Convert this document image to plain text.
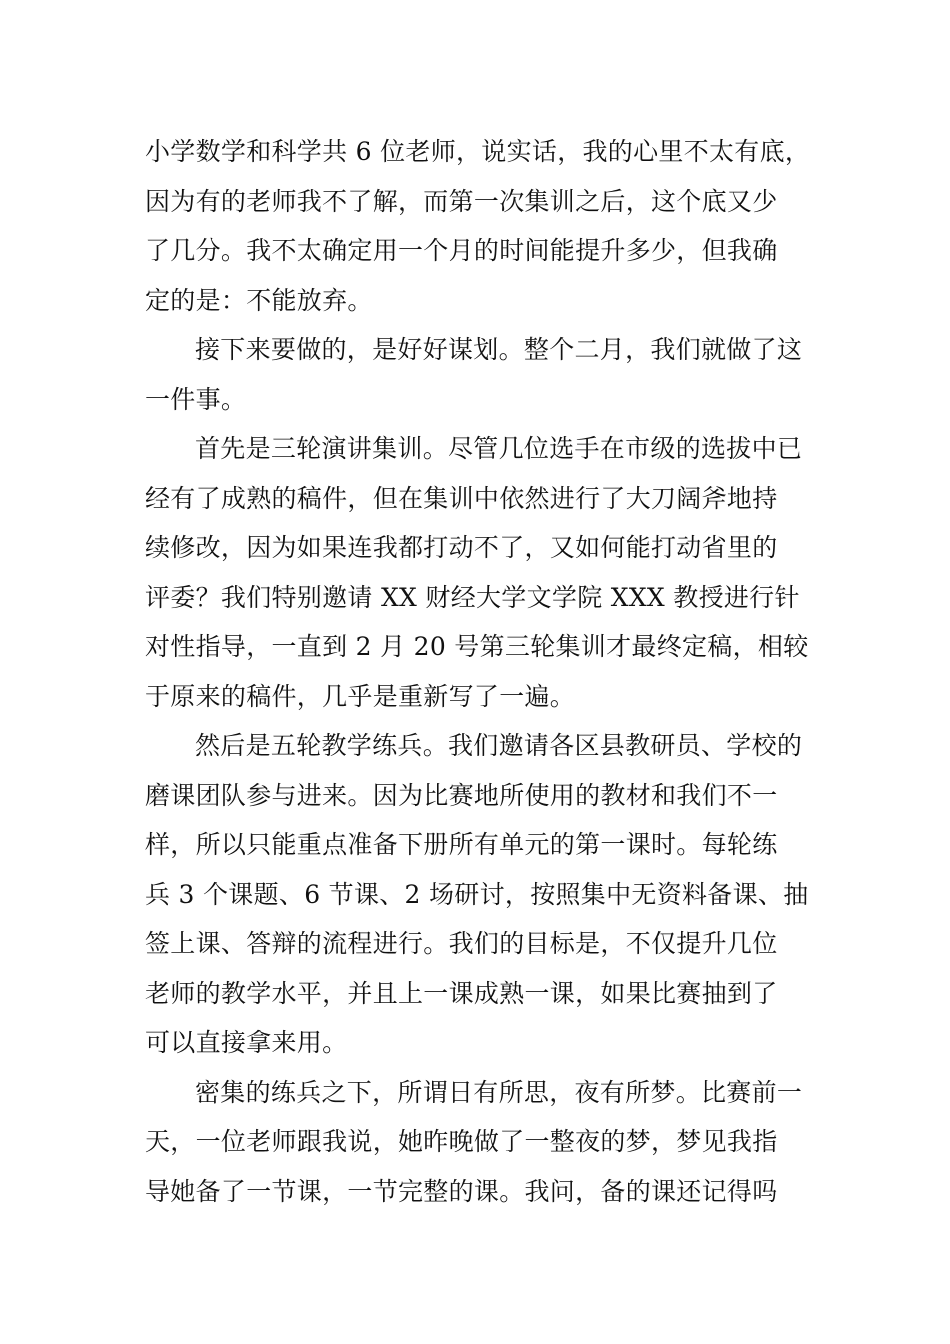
小学数学和科学共 6 位老师，说实话，我的心里不太有底，
因为有的老师我不了解，而第一次集训之后，这个底又少
了几分。我不太确定用一个月的时间能提升多少，但我确
定的是：不能放弃。

接下来要做的，是好好谋划。整个二月，我们就做了这
一件事。

首先是三轮演讲集训。尽管几位选手在市级的选拔中已
经有了成熟的稿件，但在集训中依然进行了大刀阔斧地持
续修改，因为如果连我都打动不了，又如何能打动省里的
评委？我们特别邀请 XX 财经大学文学院 XXX 教授进行针
对性指导，一直到 2 月 20 号第三轮集训才最终定稿，相较
于原来的稿件，几乎是重新写了一遍。

然后是五轮教学练兵。我们邀请各区县教研员、学校的
磨课团队参与进来。因为比赛地所使用的教材和我们不一
样，所以只能重点准备下册所有单元的第一课时。每轮练
兵 3 个课题、6 节课、2 场研讨，按照集中无资料备课、抽
签上课、答辩的流程进行。我们的目标是，不仅提升几位
老师的教学水平，并且上一课成熟一课，如果比赛抽到了
可以直接拿来用。

密集的练兵之下，所谓日有所思，夜有所梦。比赛前一
天，一位老师跟我说，她昨晚做了一整夜的梦，梦见我指
导她备了一节课，一节完整的课。我问，备的课还记得吗
